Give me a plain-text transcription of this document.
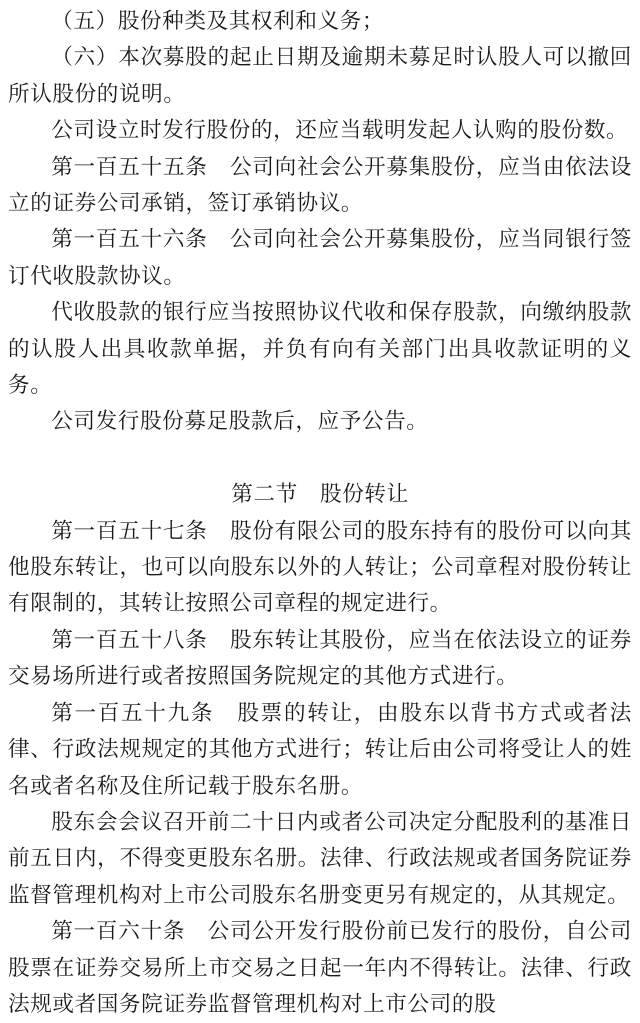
（五）股份种类及其权利和义务；

（六）本次募股的起止日期及逾期未募足时认股人可以撤回所认股份的说明。

公司设立时发行股份的，还应当载明发起人认购的股份数。

第一百五十五条　公司向社会公开募集股份，应当由依法设立的证券公司承销，签订承销协议。

第一百五十六条　公司向社会公开募集股份，应当同银行签订代收股款协议。

代收股款的银行应当按照协议代收和保存股款，向缴纳股款的认股人出具收款单据，并负有向有关部门出具收款证明的义务。

公司发行股份募足股款后，应予公告。

第二节　股份转让

第一百五十七条　股份有限公司的股东持有的股份可以向其他股东转让，也可以向股东以外的人转让；公司章程对股份转让有限制的，其转让按照公司章程的规定进行。

第一百五十八条　股东转让其股份，应当在依法设立的证券交易场所进行或者按照国务院规定的其他方式进行。

第一百五十九条　股票的转让，由股东以背书方式或者法律、行政法规规定的其他方式进行；转让后由公司将受让人的姓名或者名称及住所记载于股东名册。

股东会会议召开前二十日内或者公司决定分配股利的基准日前五日内，不得变更股东名册。法律、行政法规或者国务院证券监督管理机构对上市公司股东名册变更另有规定的，从其规定。

第一百六十条　公司公开发行股份前已发行的股份，自公司股票在证券交易所上市交易之日起一年内不得转让。法律、行政法规或者国务院证券监督管理机构对上市公司的股
